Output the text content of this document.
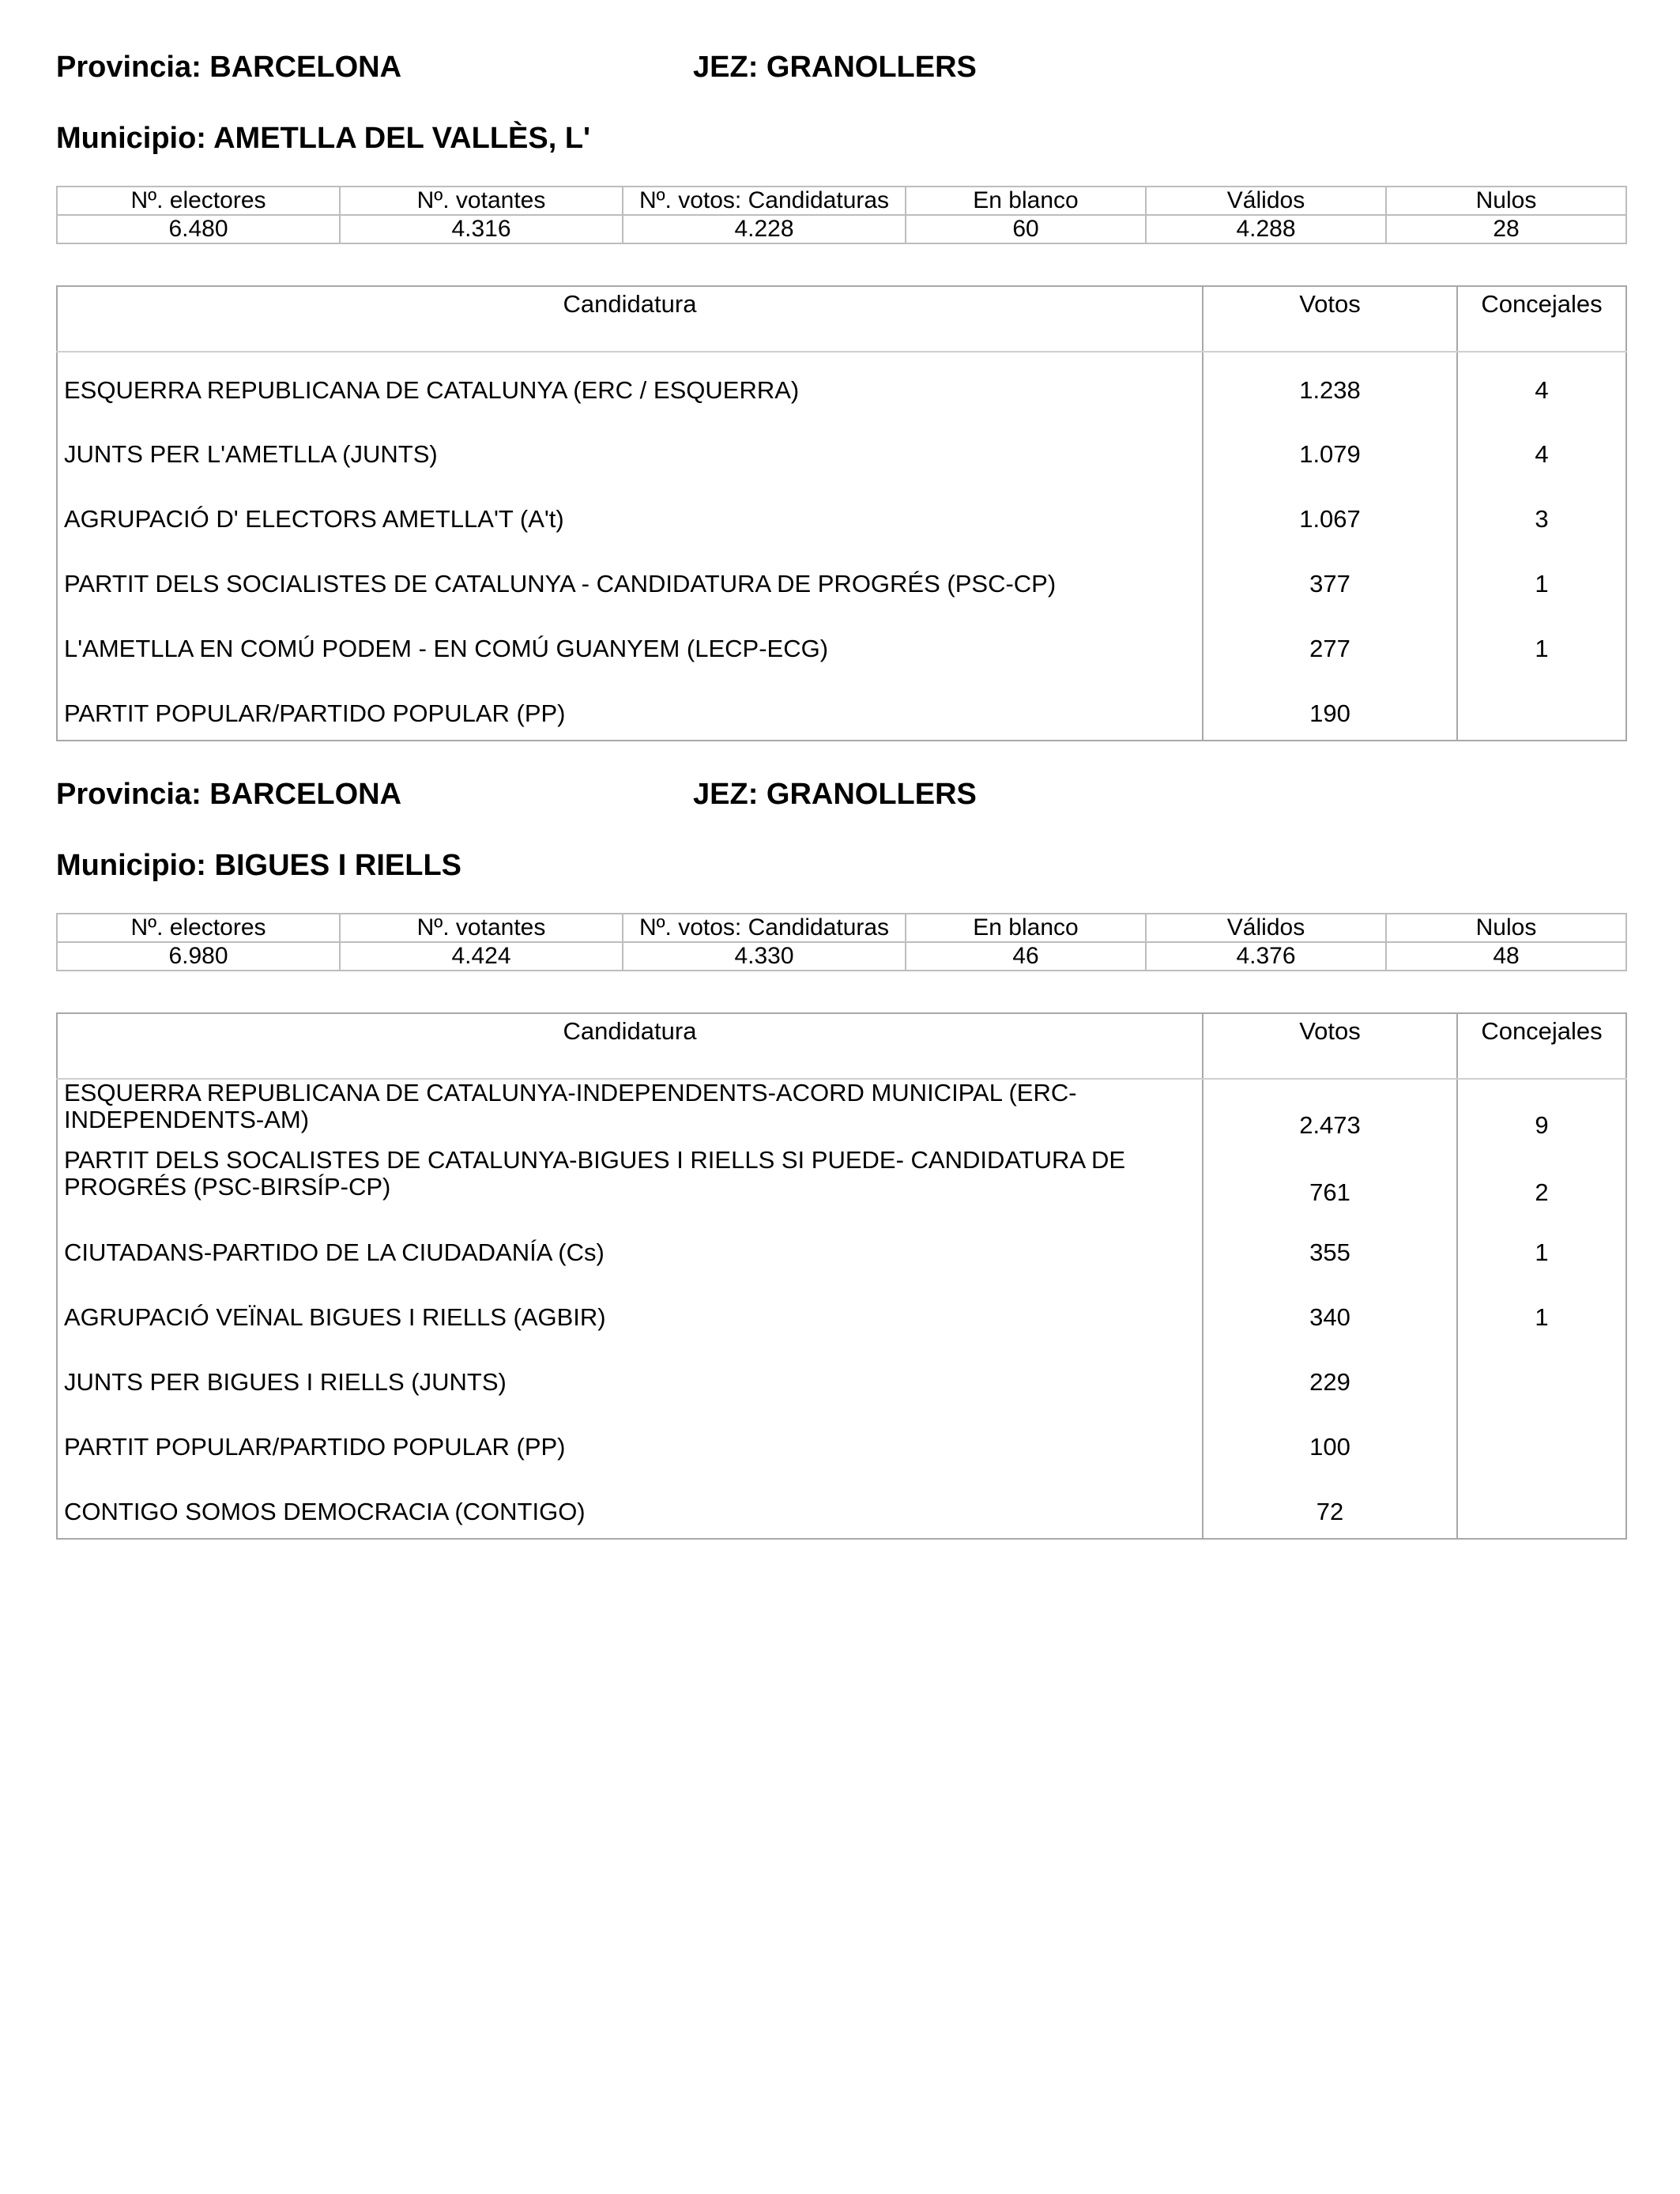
Provincia: BARCELONA	JEZ: GRANOLLERS
Municipio: AMETLLA DEL VALLÈS, L'
Nº. electores	Nº. votantes	Nº. votos: Candidaturas	En blanco	Válidos	Nulos
6.480	4.316	4.228	60	4.288	28
Candidatura	Votos	Concejales
ESQUERRA REPUBLICANA DE CATALUNYA (ERC / ESQUERRA)	1.238	4
JUNTS PER L'AMETLLA (JUNTS)	1.079	4
AGRUPACIÓ D' ELECTORS AMETLLA'T (A't)	1.067	3
PARTIT DELS SOCIALISTES DE CATALUNYA - CANDIDATURA DE PROGRÉS (PSC-CP)	377	1
L'AMETLLA EN COMÚ PODEM - EN COMÚ GUANYEM (LECP-ECG)	277	1
PARTIT POPULAR/PARTIDO POPULAR (PP)	190	
Provincia: BARCELONA	JEZ: GRANOLLERS
Municipio: BIGUES I RIELLS
Nº. electores	Nº. votantes	Nº. votos: Candidaturas	En blanco	Válidos	Nulos
6.980	4.424	4.330	46	4.376	48
Candidatura	Votos	Concejales

ESQUERRA REPUBLICANA DE CATALUNYA-INDEPENDENTS-ACORD MUNICIPAL (ERC-
INDEPENDENTS-AM)	2.473	9

PARTIT DELS SOCALISTES DE CATALUNYA-BIGUES I RIELLS SI PUEDE- CANDIDATURA DE
PROGRÉS (PSC-BIRSÍP-CP)	761	2
CIUTADANS-PARTIDO DE LA CIUDADANÍA (Cs)	355	1
AGRUPACIÓ VEÏNAL BIGUES I RIELLS (AGBIR)	340	1
JUNTS PER BIGUES I RIELLS (JUNTS)	229	
PARTIT POPULAR/PARTIDO POPULAR (PP)	100	
CONTIGO SOMOS DEMOCRACIA (CONTIGO)	72	
